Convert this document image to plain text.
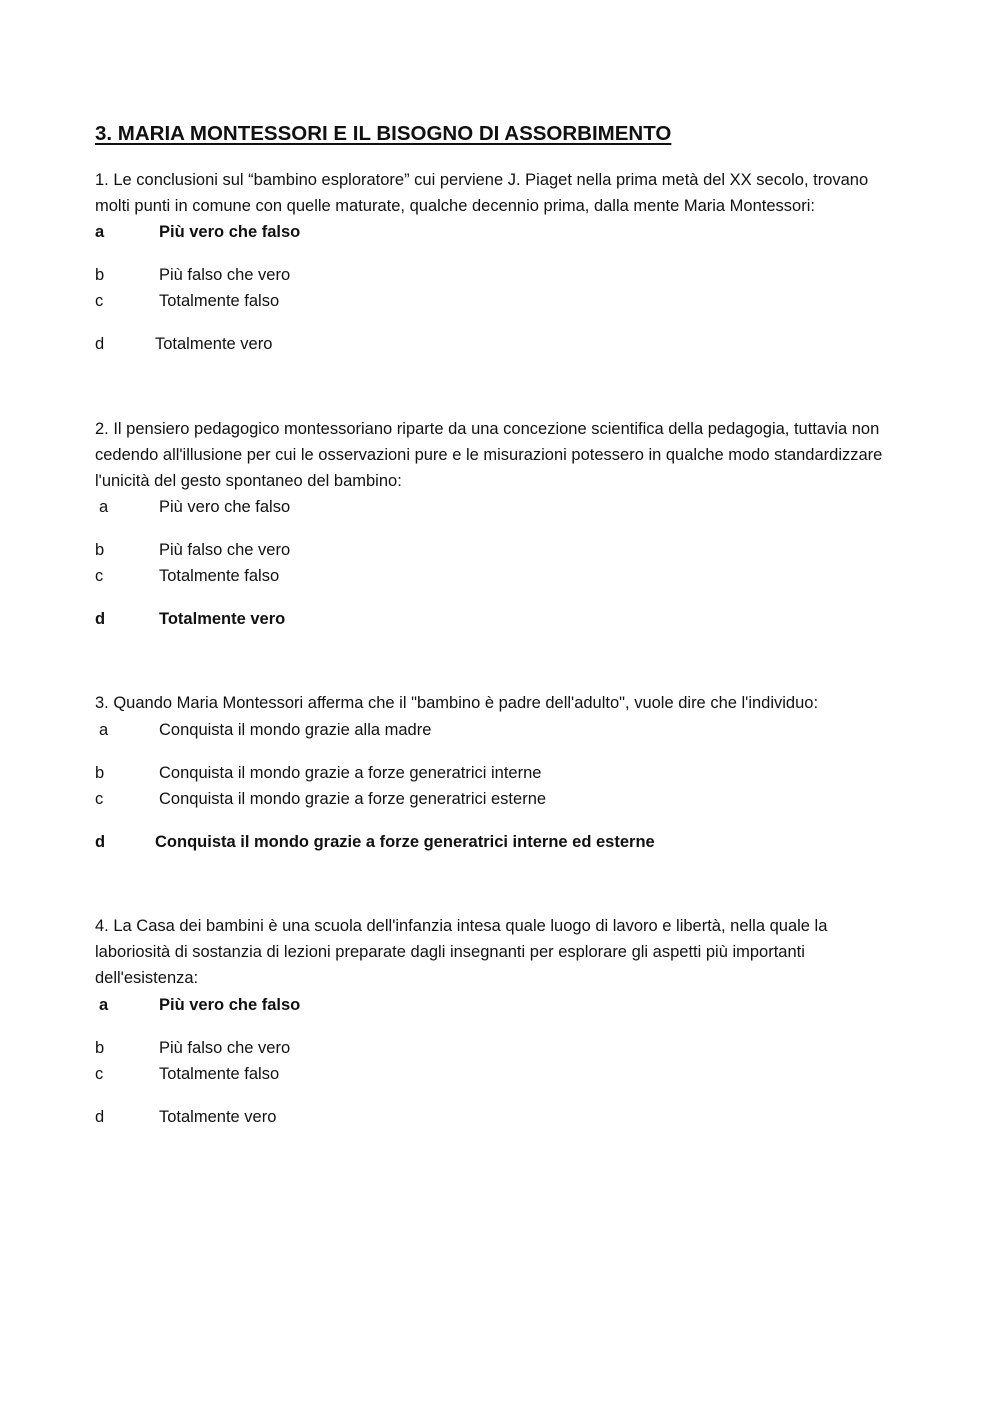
3. MARIA MONTESSORI E IL BISOGNO DI ASSORBIMENTO
1. Le conclusioni sul “bambino esploratore” cui perviene J. Piaget nella prima metà del XX secolo, trovano molti punti in comune con quelle maturate, qualche decennio prima, dalla mente Maria Montessori:
a	Più vero che falso
b	Più falso che vero
c	Totalmente falso
d	Totalmente vero
2. Il pensiero pedagogico montessoriano riparte da una concezione scientifica della pedagogia, tuttavia non cedendo all'illusione per cui le osservazioni pure e le misurazioni potessero in qualche modo standardizzare l'unicità del gesto spontaneo del bambino:
a	Più vero che falso
b	Più falso che vero
c	Totalmente falso
d	Totalmente vero
3. Quando Maria Montessori afferma che il "bambino è padre dell'adulto", vuole dire che l'individuo:
a	Conquista il mondo grazie alla madre
b	Conquista il mondo grazie a forze generatrici interne
c	Conquista il mondo grazie a forze generatrici esterne
d	Conquista il mondo grazie a forze generatrici interne ed esterne
4. La Casa dei bambini è una scuola dell'infanzia intesa quale luogo di lavoro e libertà, nella quale la laboriosità di sostanzia di lezioni preparate dagli insegnanti per esplorare gli aspetti più importanti dell'esistenza:
a	Più vero che falso
b	Più falso che vero
c	Totalmente falso
d	Totalmente vero
